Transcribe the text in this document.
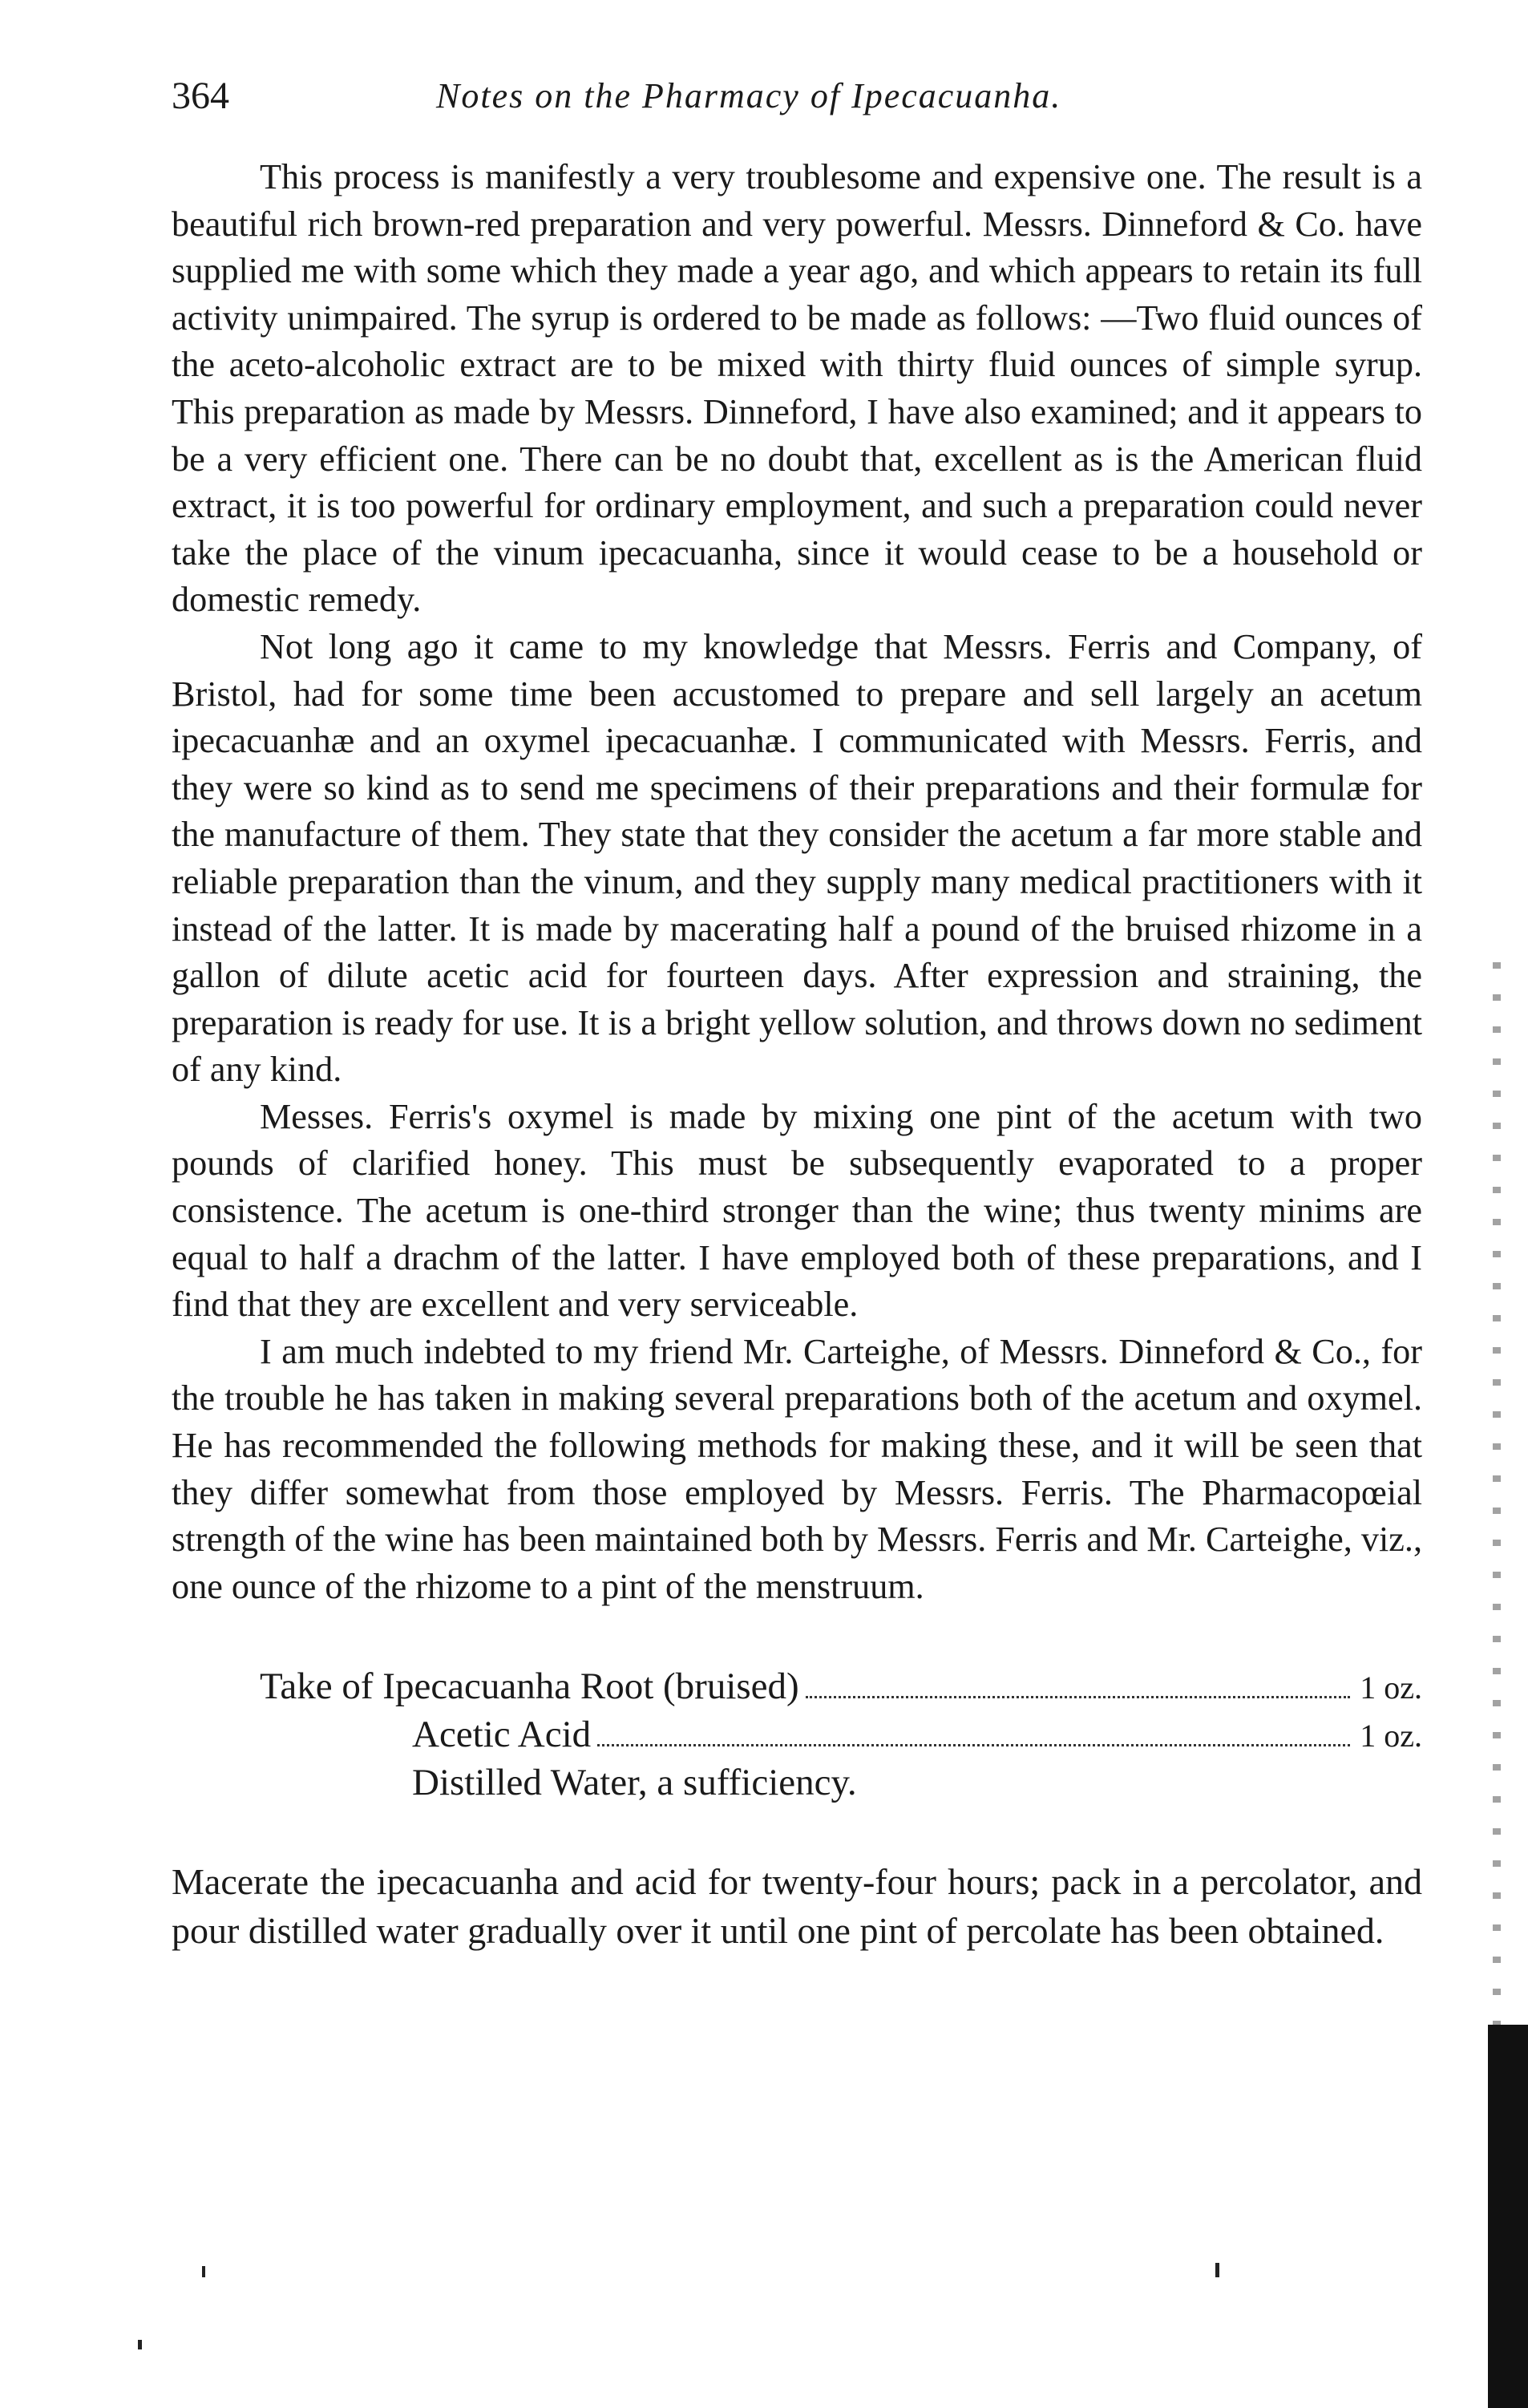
364	Notes on the Pharmacy of Ipecacuanha.

This process is manifestly a very troublesome and expensive one. The result is a beautiful rich brown-red preparation and very powerful. Messrs. Dinneford & Co. have supplied me with some which they made a year ago, and which appears to retain its full activity unimpaired. The syrup is ordered to be made as follows: —Two fluid ounces of the aceto-alcoholic extract are to be mixed with thirty fluid ounces of simple syrup. This preparation as made by Messrs. Dinneford, I have also examined; and it appears to be a very efficient one. There can be no doubt that, excellent as is the American fluid extract, it is too powerful for ordinary employment, and such a preparation could never take the place of the vinum ipecacuanha, since it would cease to be a household or domestic remedy.

Not long ago it came to my knowledge that Messrs. Ferris and Company, of Bristol, had for some time been accustomed to prepare and sell largely an acetum ipecacuanhæ and an oxymel ipecacuanhæ. I communicated with Messrs. Ferris, and they were so kind as to send me specimens of their preparations and their formulæ for the manufacture of them. They state that they consider the acetum a far more stable and reliable preparation than the vinum, and they supply many medical practitioners with it instead of the latter. It is made by macerating half a pound of the bruised rhizome in a gallon of dilute acetic acid for fourteen days. After expression and straining, the preparation is ready for use. It is a bright yellow solution, and throws down no sediment of any kind.

Messes. Ferris's oxymel is made by mixing one pint of the acetum with two pounds of clarified honey. This must be subsequently evaporated to a proper consistence. The acetum is one-third stronger than the wine; thus twenty minims are equal to half a drachm of the latter. I have employed both of these preparations, and I find that they are excellent and very serviceable.

I am much indebted to my friend Mr. Carteighe, of Messrs. Dinneford & Co., for the trouble he has taken in making several preparations both of the acetum and oxymel. He has recommended the following methods for making these, and it will be seen that they differ somewhat from those employed by Messrs. Ferris. The Pharmacopœial strength of the wine has been maintained both by Messrs. Ferris and Mr. Carteighe, viz., one ounce of the rhizome to a pint of the menstruum.

Take of Ipecacuanha Root (bruised)	1 oz.
Acetic Acid	1 oz.
Distilled Water, a sufficiency.

Macerate the ipecacuanha and acid for twenty-four hours; pack in a percolator, and pour distilled water gradually over it until one pint of percolate has been obtained.
